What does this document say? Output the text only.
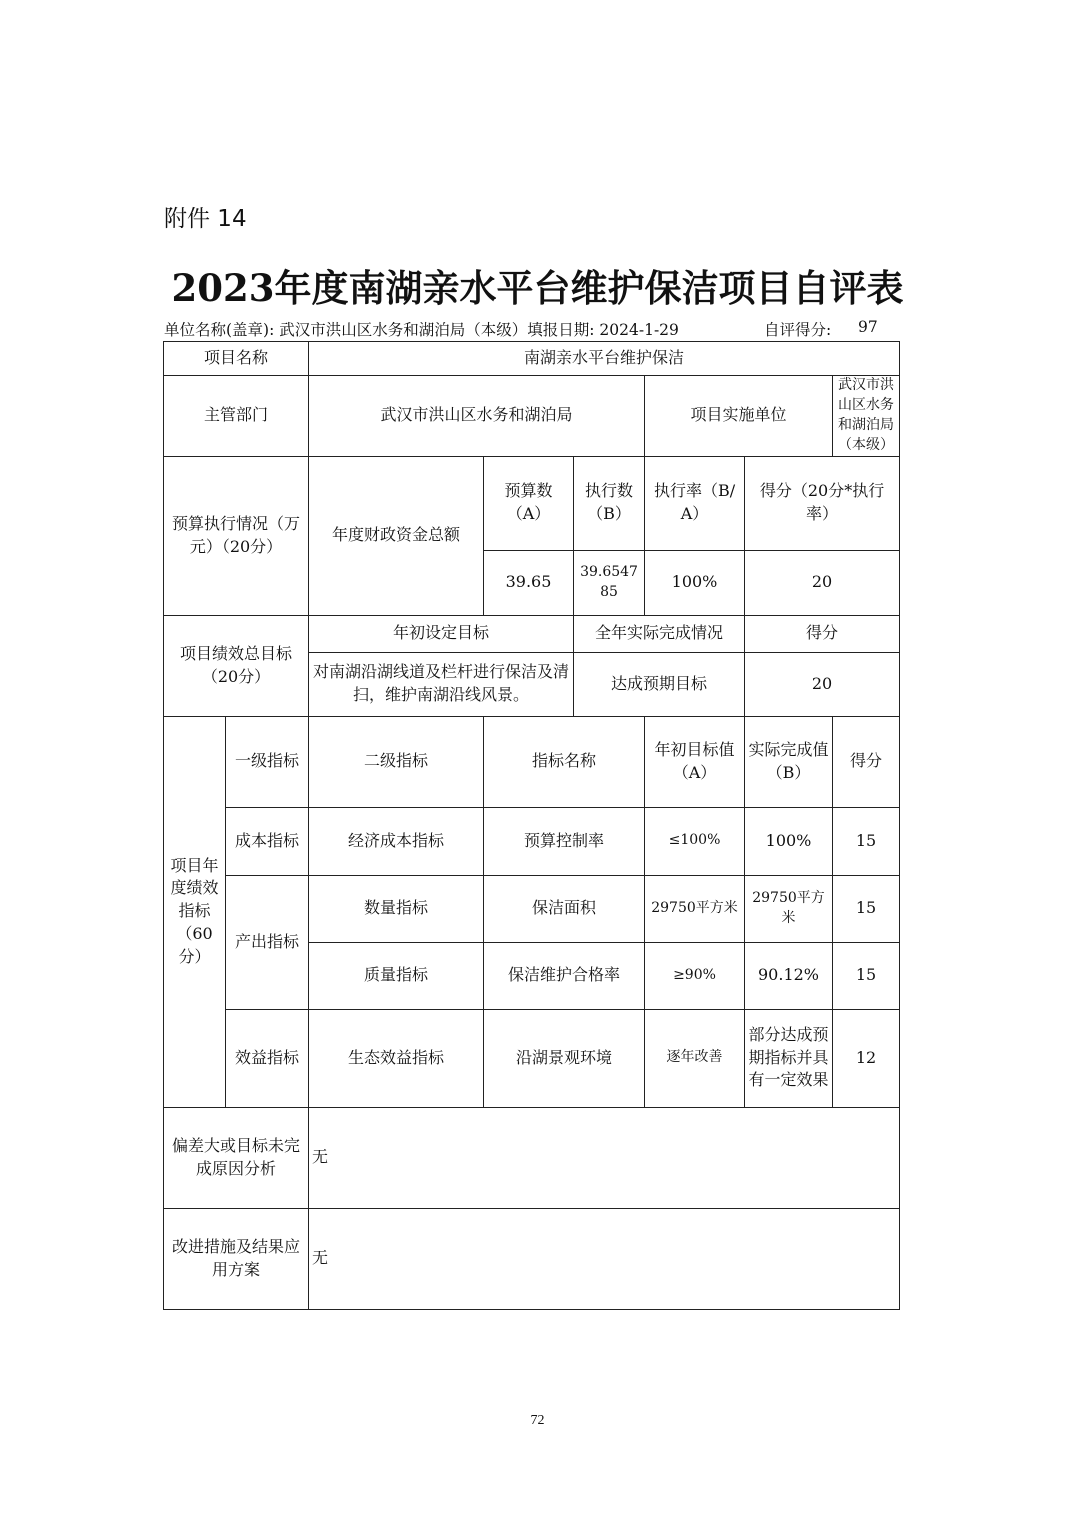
附件 14
2023年度南湖亲水平台维护保洁项目自评表
单位名称(盖章): 武汉市洪山区水务和湖泊局（本级）填报日期: 2024-1-29	自评得分: 97
项目名称		南湖亲水平台维护保洁					
主管部门		武汉市洪山区水务和湖泊局			项目实施单位		武汉市洪山区水务和湖泊局（本级）
预算执行情况（万元）（20分）		年度财政资金总额	预算数（A）	执行数（B）	执行率（B/A）	得分（20分*执行率）	
			39.65	39.654785	100%	20	
项目绩效总目标（20分）		年初设定目标		全年实际完成情况		得分	
		对南湖沿湖线道及栏杆进行保洁及清扫，维护南湖沿线风景。		达成预期目标		20	
项目年度绩效指标（60分）	一级指标	二级指标	指标名称		年初目标值（A）	实际完成值（B）	得分
	成本指标	经济成本指标	预算控制率		≤100%	100%	15
	产出指标	数量指标	保洁面积		29750平方米	29750平方米	15
		质量指标	保洁维护合格率		≥90%	90.12%	15
	效益指标	生态效益指标	沿湖景观环境		逐年改善	部分达成预期指标并具有一定效果	12
偏差大或目标未完成原因分析		无					
改进措施及结果应用方案		无					
72
